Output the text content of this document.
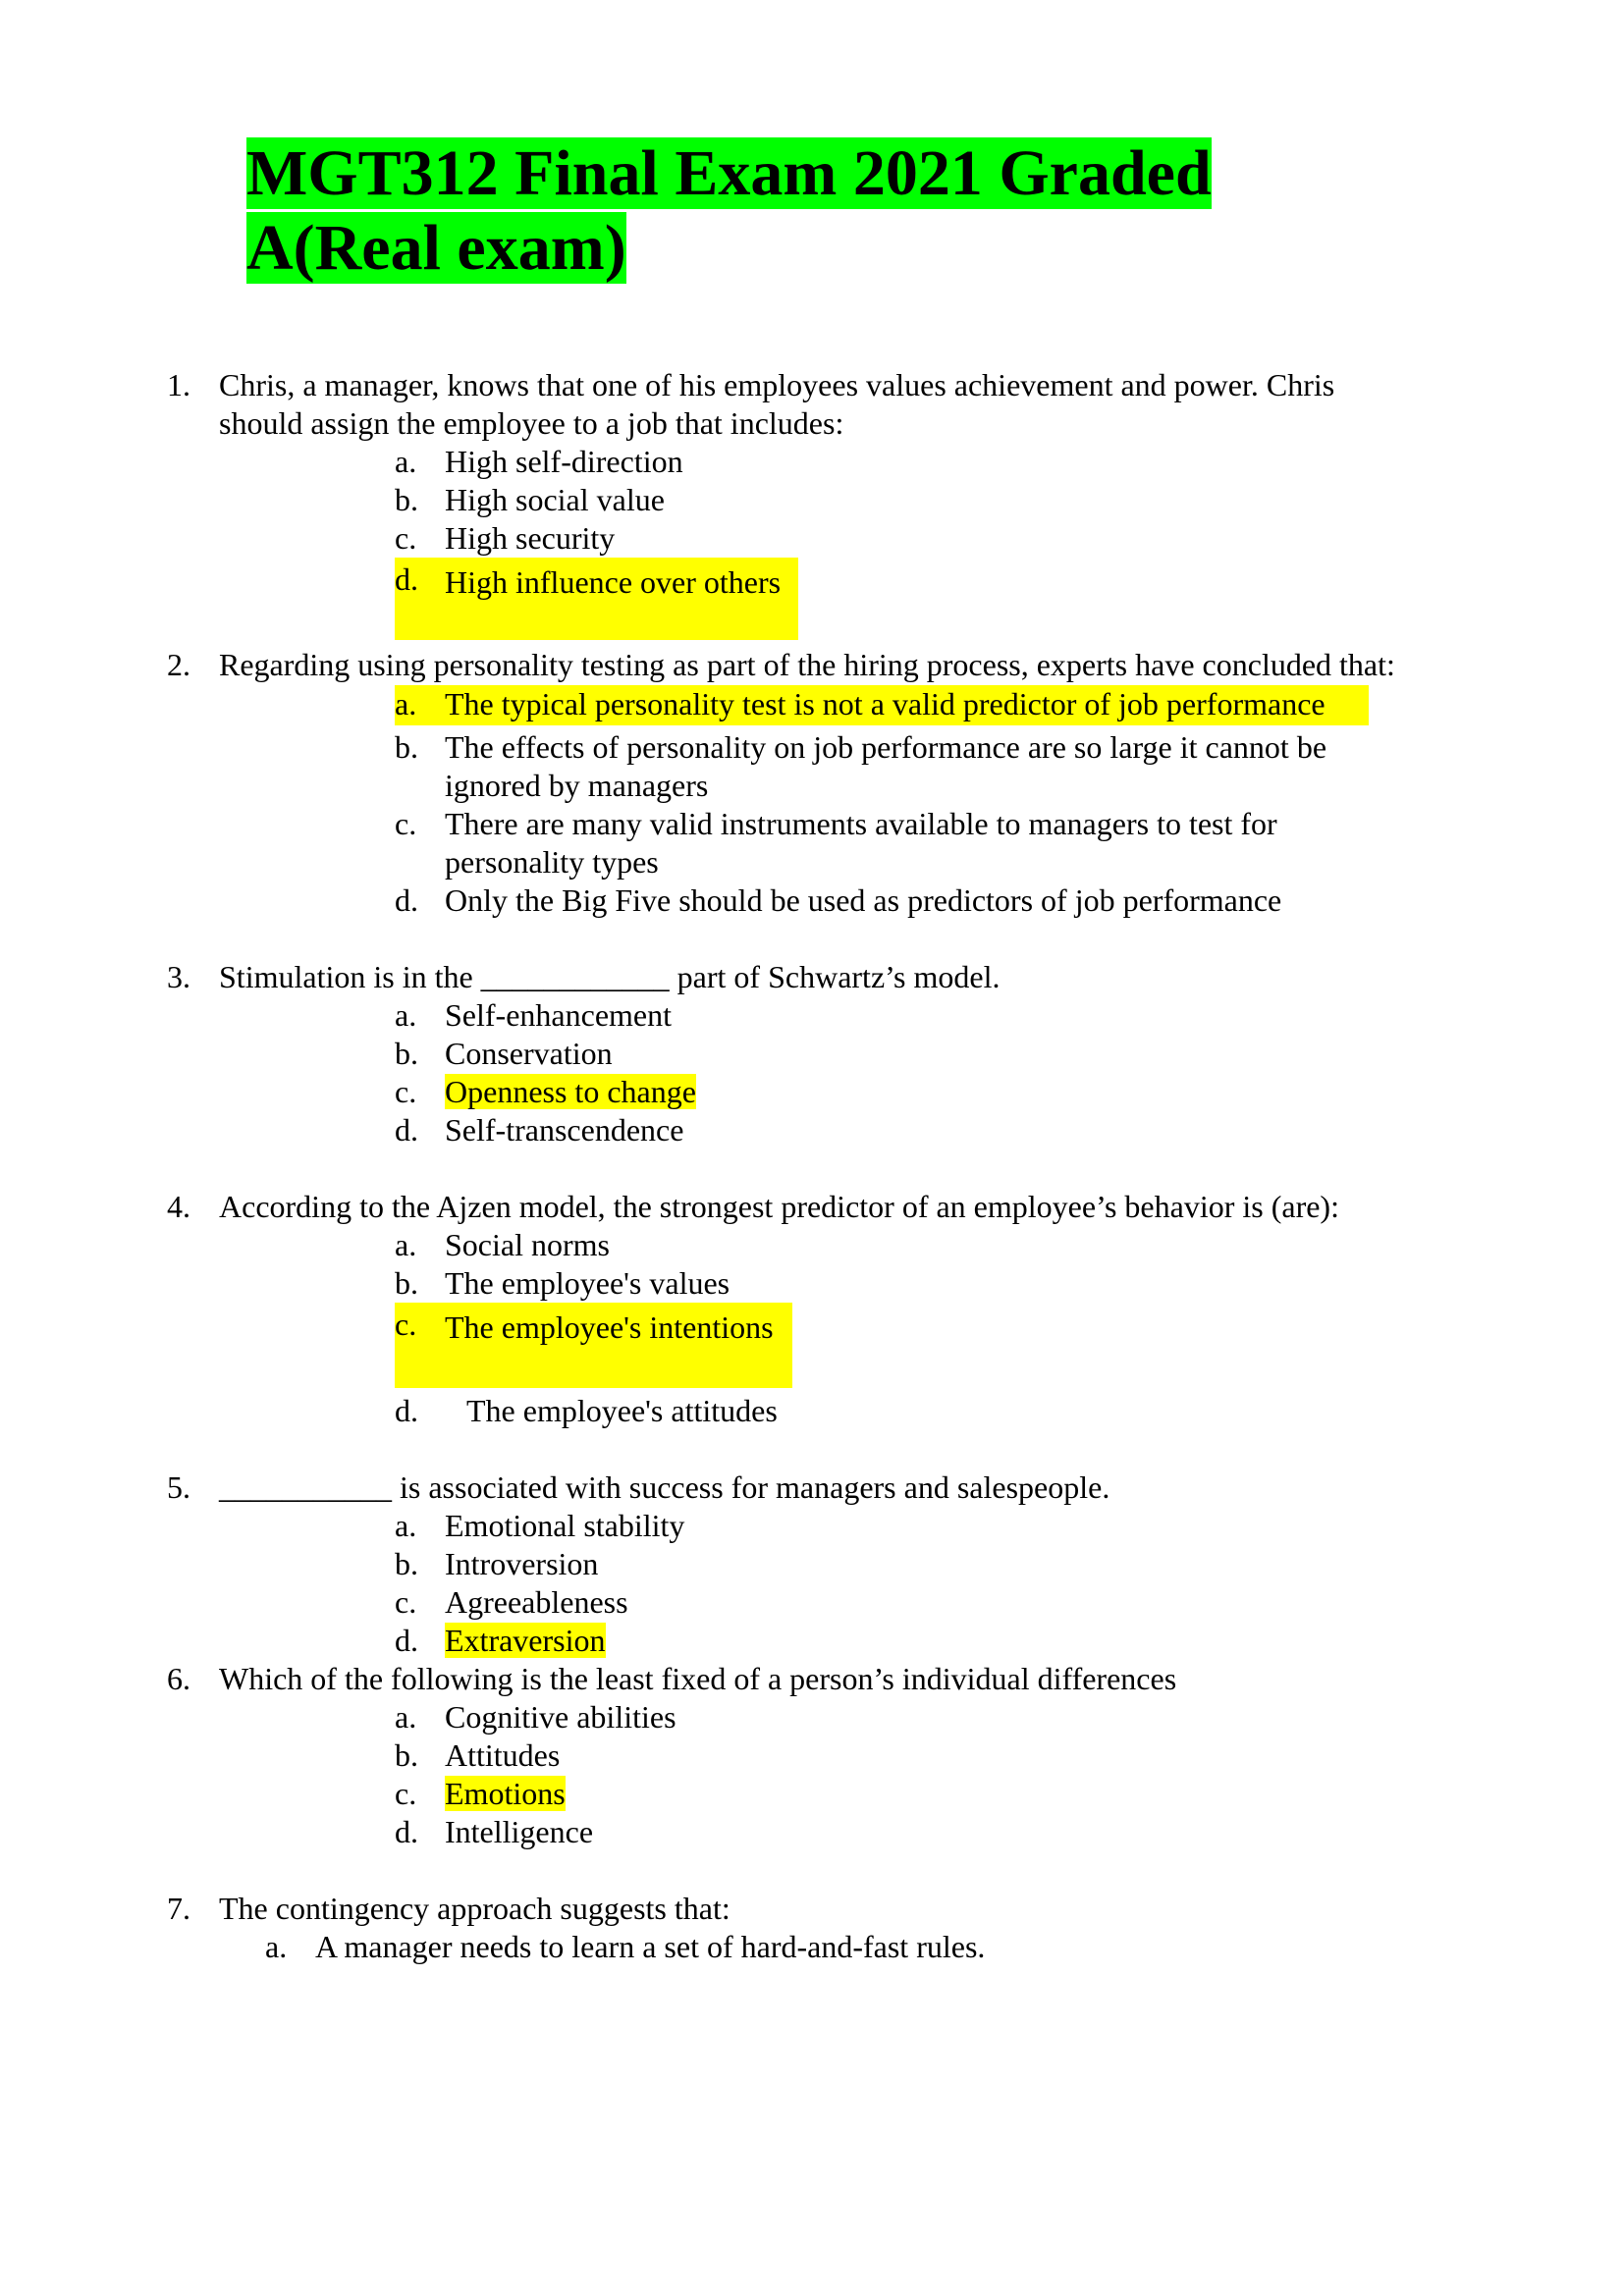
MGT312 Final Exam 2021 Graded
A(Real exam)
1. Chris, a manager, knows that one of his employees values achievement and power. Chris
should assign the employee to a job that includes:
a. High self-direction
b. High social value
c. High security
d. High influence over others
2. Regarding using personality testing as part of the hiring process, experts have concluded that:
a. The typical personality test is not a valid predictor of job performance
b. The effects of personality on job performance are so large it cannot be ignored by managers
c. There are many valid instruments available to managers to test for personality types
d. Only the Big Five should be used as predictors of job performance
3. Stimulation is in the ____________ part of Schwartz’s model.
a. Self-enhancement
b. Conservation
c. Openness to change
d. Self-transcendence
4. According to the Ajzen model, the strongest predictor of an employee’s behavior is (are):
a. Social norms
b. The employee's values
c. The employee's intentions
d. The employee's attitudes
5. ___________ is associated with success for managers and salespeople.
a. Emotional stability
b. Introversion
c. Agreeableness
d. Extraversion
6. Which of the following is the least fixed of a person’s individual differences
a. Cognitive abilities
b. Attitudes
c. Emotions
d. Intelligence
7. The contingency approach suggests that:
a. A manager needs to learn a set of hard-and-fast rules.
